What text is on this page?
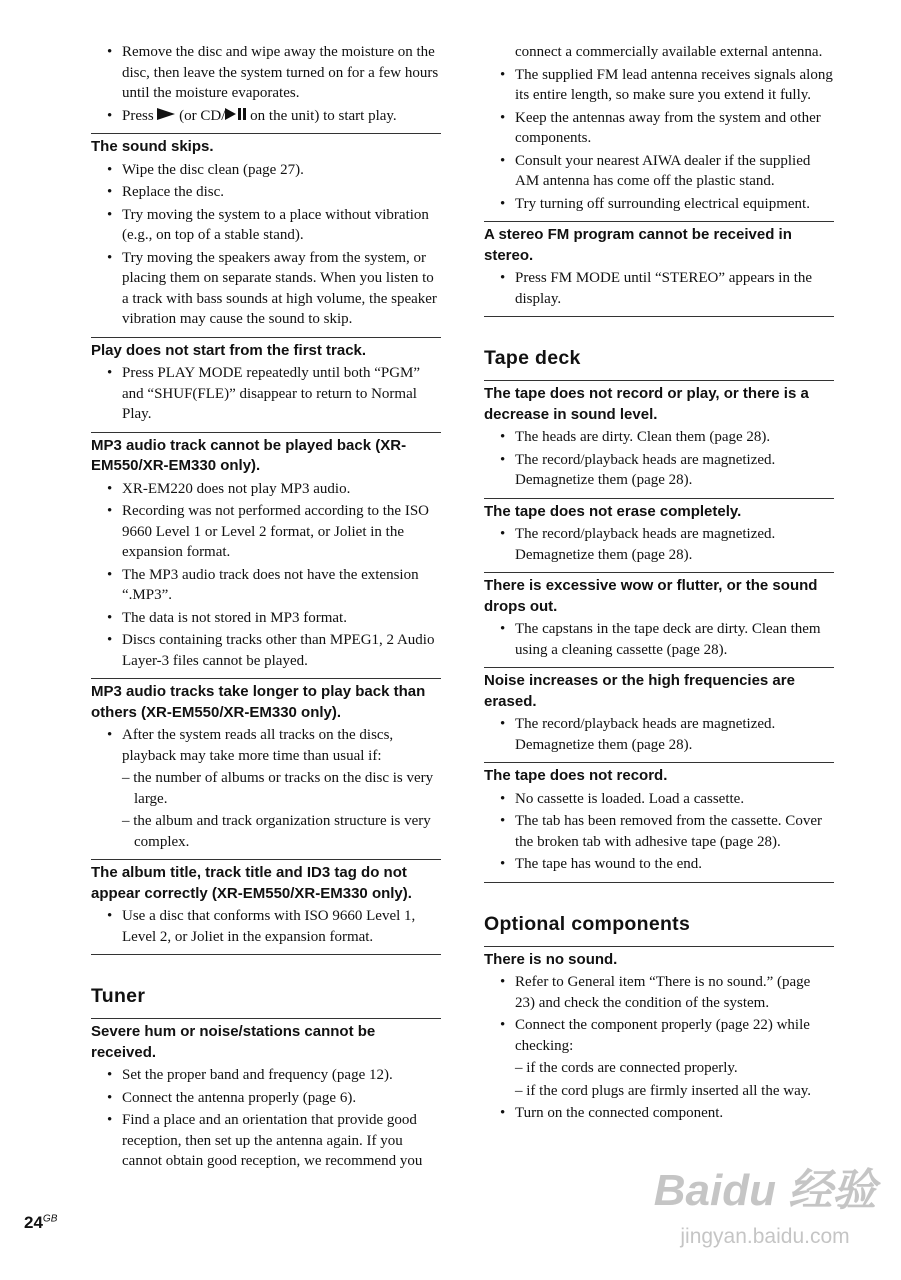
• Remove the disc and wipe away the moisture on the disc, then leave the system turned on for a few hours until the moisture evaporates.
• Press  (or CD/ on the unit) to start play.
The sound skips.
• Wipe the disc clean (page 27).
• Replace the disc.
• Try moving the system to a place without vibration (e.g., on top of a stable stand).
• Try moving the speakers away from the system, or placing them on separate stands. When you listen to a track with bass sounds at high volume, the speaker vibration may cause the sound to skip.
Play does not start from the first track.
• Press PLAY MODE repeatedly until both “PGM” and “SHUF(FLE)” disappear to return to Normal Play.
MP3 audio track cannot be played back (XR-EM550/XR-EM330 only).
• XR-EM220 does not play MP3 audio.
• Recording was not performed according to the ISO 9660 Level 1 or Level 2 format, or Joliet in the expansion format.
• The MP3 audio track does not have the extension “.MP3”.
• The data is not stored in MP3 format.
• Discs containing tracks other than MPEG1, 2 Audio Layer-3 files cannot be played.
MP3 audio tracks take longer to play back than others (XR-EM550/XR-EM330 only).
• After the system reads all tracks on the discs, playback may take more time than usual if:
– the number of albums or tracks on the disc is very large.
– the album and track organization structure is very complex.
The album title, track title and ID3 tag do not appear correctly (XR-EM550/XR-EM330 only).
• Use a disc that conforms with ISO 9660 Level 1, Level 2, or Joliet in the expansion format.
Tuner
Severe hum or noise/stations cannot be received.
• Set the proper band and frequency (page 12).
• Connect the antenna properly (page 6).
• Find a place and an orientation that provide good reception, then set up the antenna again. If you cannot obtain good reception, we recommend you
connect a commercially available external antenna.
• The supplied FM lead antenna receives signals along its entire length, so make sure you extend it fully.
• Keep the antennas away from the system and other components.
• Consult your nearest AIWA dealer if the supplied AM antenna has come off the plastic stand.
• Try turning off surrounding electrical equipment.
A stereo FM program cannot be received in stereo.
• Press FM MODE until “STEREO” appears in the display.
Tape deck
The tape does not record or play, or there is a decrease in sound level.
• The heads are dirty. Clean them (page 28).
• The record/playback heads are magnetized. Demagnetize them (page 28).
The tape does not erase completely.
• The record/playback heads are magnetized. Demagnetize them (page 28).
There is excessive wow or flutter, or the sound drops out.
• The capstans in the tape deck are dirty. Clean them using a cleaning cassette (page 28).
Noise increases or the high frequencies are erased.
• The record/playback heads are magnetized. Demagnetize them (page 28).
The tape does not record.
• No cassette is loaded. Load a cassette.
• The tab has been removed from the cassette. Cover the broken tab with adhesive tape (page 28).
• The tape has wound to the end.
Optional components
There is no sound.
• Refer to General item “There is no sound.” (page 23) and check the condition of the system.
• Connect the component properly (page 22) while checking:
– if the cords are connected properly.
– if the cord plugs are firmly inserted all the way.
• Turn on the connected component.
$24^{GB}$
Baidu 经验
jingyan.baidu.com
